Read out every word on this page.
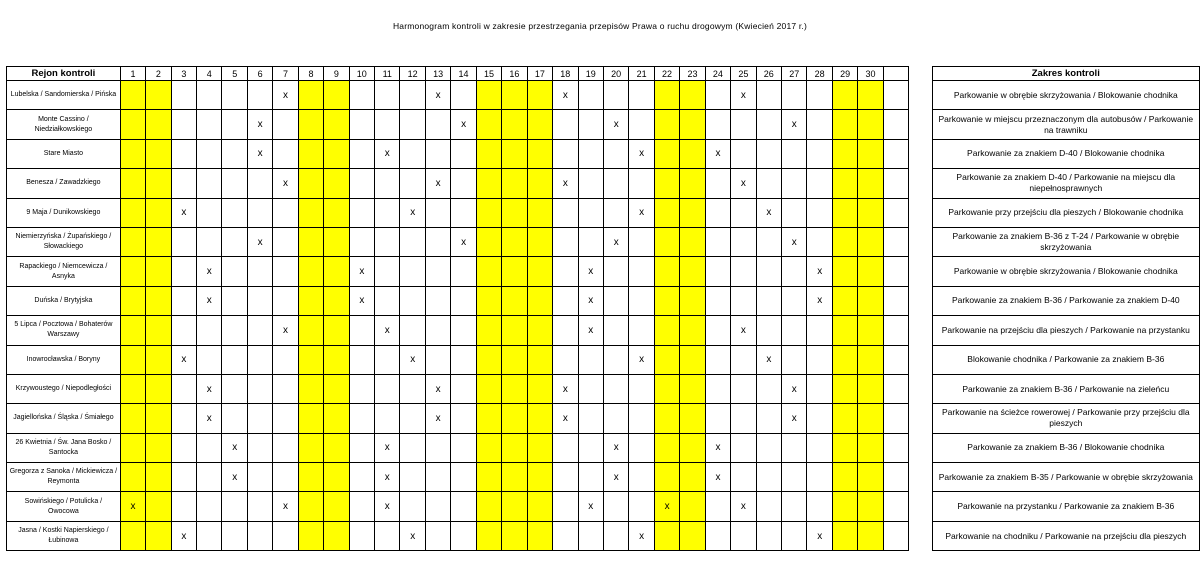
Harmonogram kontroli w zakresie przestrzegania przepisów Prawa o ruchu drogowym (Kwiecień 2017 r.)
Rejon kontroli	1	2	3	4	5	6	7	8	9	10	11	12	13	14	15	16	17	18	19	20	21	22	23	24	25	26	27	28	29	30			Zakres kontroli
Lubelska / Sandomierska / Pińska							x						x					x							x								Parkowanie w obrębie skrzyżowania / Blokowanie chodnika
Monte Cassino / Niedziałkowskiego						x								x						x							x						Parkowanie w miejscu przeznaczonym dla autobusów / Parkowanie na trawniku
Stare Miasto						x					x										x			x									Parkowanie za znakiem D-40 / Blokowanie chodnika
Benesza / Zawadzkiego							x						x					x							x								Parkowanie za znakiem D-40 / Parkowanie na miejscu dla niepełnosprawnych
9 Maja / Dunikowskiego			x									x									x					x							Parkowanie przy przejściu dla pieszych / Blokowanie chodnika
Niemierzyńska / Żupańskiego / Słowackiego						x								x						x							x						Parkowanie za znakiem B-36 z T-24 / Parkowanie w obrębie skrzyżowania
Rapackiego / Niemcewicza / Asnyka				x						x									x									x					Parkowanie w obrębie skrzyżowania / Blokowanie chodnika
Duńska / Brytyjska				x						x									x									x					Parkowanie za znakiem B-36 / Parkowanie za znakiem D-40
5 Lipca / Pocztowa / Bohaterów Warszawy							x				x								x						x								Parkowanie na przejściu dla pieszych / Parkowanie na przystanku
Inowrocławska / Boryny			x									x									x					x							Blokowanie chodnika / Parkowanie za znakiem B-36
Krzywoustego / Niepodległości				x									x					x									x						Parkowanie za znakiem B-36 / Parkowanie na zieleńcu
Jagiellońska / Śląska / Śmiałego				x									x					x									x						Parkowanie na ścieżce rowerowej / Parkowanie przy przejściu dla pieszych
26 Kwietnia / Św. Jana Bosko / Santocka					x						x									x				x									Parkowanie za znakiem B-36 / Blokowanie chodnika
Gregorza z Sanoka / Mickiewicza / Reymonta					x						x									x				x									Parkowanie za znakiem B-35 / Parkowanie w obrębie skrzyżowania
Sowińskiego / Potulicka / Owocowa	x						x				x								x			x			x								Parkowanie na przystanku / Parkowanie za znakiem B-36
Jasna / Kostki Napierskiego / Łubinowa			x									x									x							x					Parkowanie na chodniku / Parkowanie na przejściu dla pieszych
